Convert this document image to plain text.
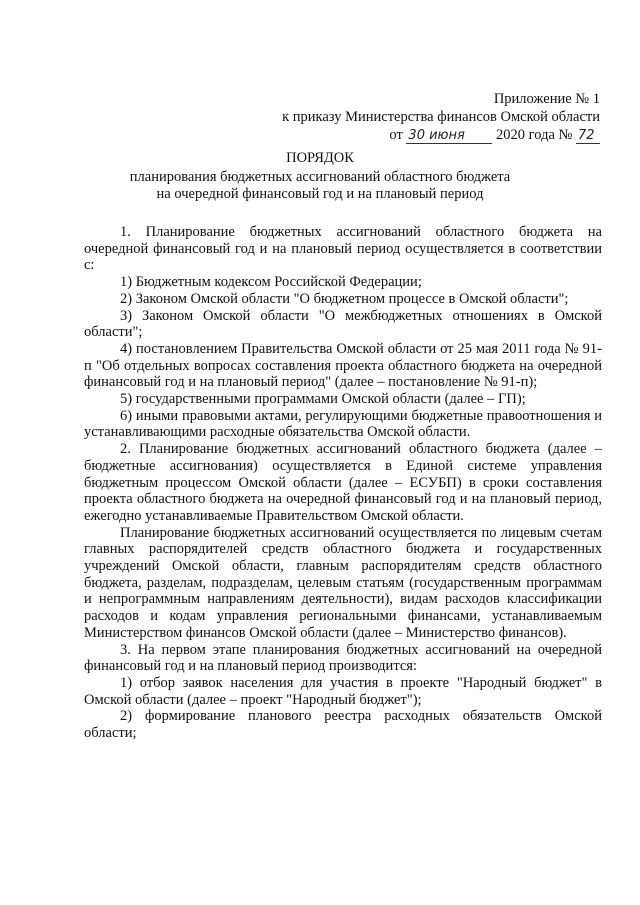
Приложение № 1
к приказу Министерства финансов Омской области
от 30 июня 2020 года № 72
ПОРЯДОК
планирования бюджетных ассигнований областного бюджета
на очередной финансовый год и на плановый период

1. Планирование бюджетных ассигнований областного бюджета на очередной финансовый год и на плановый период осуществляется в соответствии с:

1) Бюджетным кодексом Российской Федерации;

2) Законом Омской области "О бюджетном процессе в Омской области";

3) Законом Омской области "О межбюджетных отношениях в Омской области";

4) постановлением Правительства Омской области от 25 мая 2011 года № 91-п "Об отдельных вопросах составления проекта областного бюджета на очередной финансовый год и на плановый период" (далее – постановление № 91-п);

5) государственными программами Омской области (далее – ГП);

6) иными правовыми актами, регулирующими бюджетные правоотношения и устанавливающими расходные обязательства Омской области.

2. Планирование бюджетных ассигнований областного бюджета (далее – бюджетные ассигнования) осуществляется в Единой системе управления бюджетным процессом Омской области (далее – ЕСУБП) в сроки составления проекта областного бюджета на очередной финансовый год и на плановый период, ежегодно устанавливаемые Правительством Омской области.

Планирование бюджетных ассигнований осуществляется по лицевым счетам главных распорядителей средств областного бюджета и государственных учреждений Омской области, главным распорядителям средств областного бюджета, разделам, подразделам, целевым статьям (государственным программам и непрограммным направлениям деятельности), видам расходов классификации расходов и кодам управления региональными финансами, устанавливаемым Министерством финансов Омской области (далее – Министерство финансов).

3. На первом этапе планирования бюджетных ассигнований на очередной финансовый год и на плановый период производится:

1) отбор заявок населения для участия в проекте "Народный бюджет" в Омской области (далее – проект "Народный бюджет");

2) формирование планового реестра расходных обязательств Омской области;
